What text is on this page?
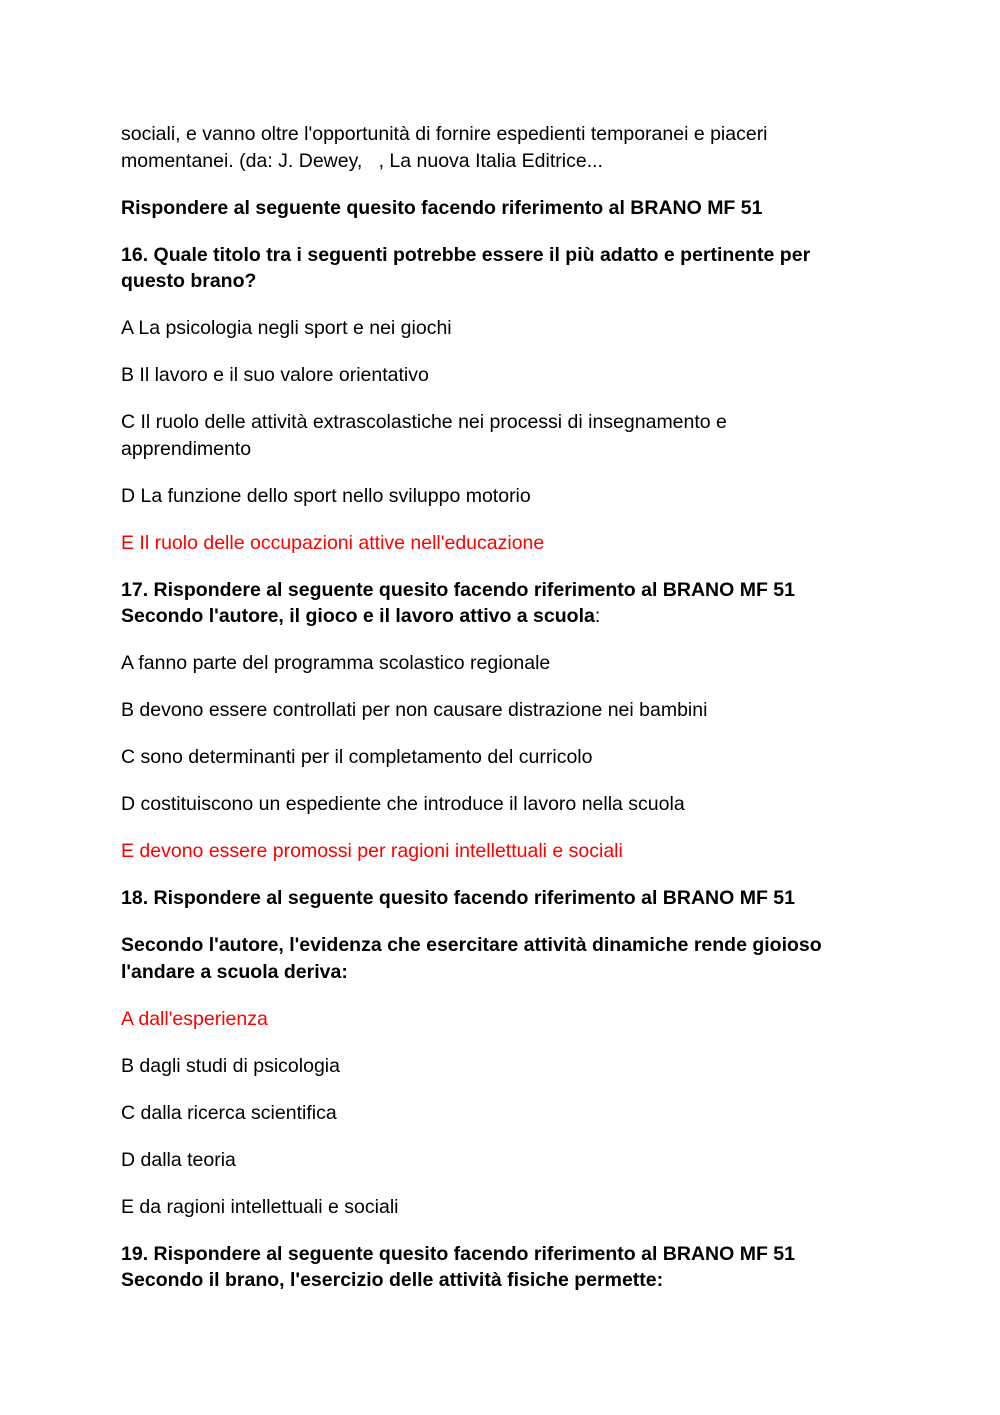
sociali, e vanno oltre l'opportunità di fornire espedienti temporanei e piaceri
momentanei. (da: J. Dewey,   , La nuova Italia Editrice...

Rispondere al seguente quesito facendo riferimento al BRANO MF 51

16. Quale titolo tra i seguenti potrebbe essere il più adatto e pertinente per
questo brano?

A La psicologia negli sport e nei giochi

B Il lavoro e il suo valore orientativo

C Il ruolo delle attività extrascolastiche nei processi di insegnamento e
apprendimento

D La funzione dello sport nello sviluppo motorio

E Il ruolo delle occupazioni attive nell'educazione

17. Rispondere al seguente quesito facendo riferimento al BRANO MF 51
Secondo l'autore, il gioco e il lavoro attivo a scuola:

A fanno parte del programma scolastico regionale

B devono essere controllati per non causare distrazione nei bambini

C sono determinanti per il completamento del curricolo

D costituiscono un espediente che introduce il lavoro nella scuola

E devono essere promossi per ragioni intellettuali e sociali

18. Rispondere al seguente quesito facendo riferimento al BRANO MF 51

Secondo l'autore, l'evidenza che esercitare attività dinamiche rende gioioso
l'andare a scuola deriva:

A dall'esperienza

B dagli studi di psicologia

C dalla ricerca scientifica

D dalla teoria

E da ragioni intellettuali e sociali

19. Rispondere al seguente quesito facendo riferimento al BRANO MF 51
Secondo il brano, l'esercizio delle attività fisiche permette:
